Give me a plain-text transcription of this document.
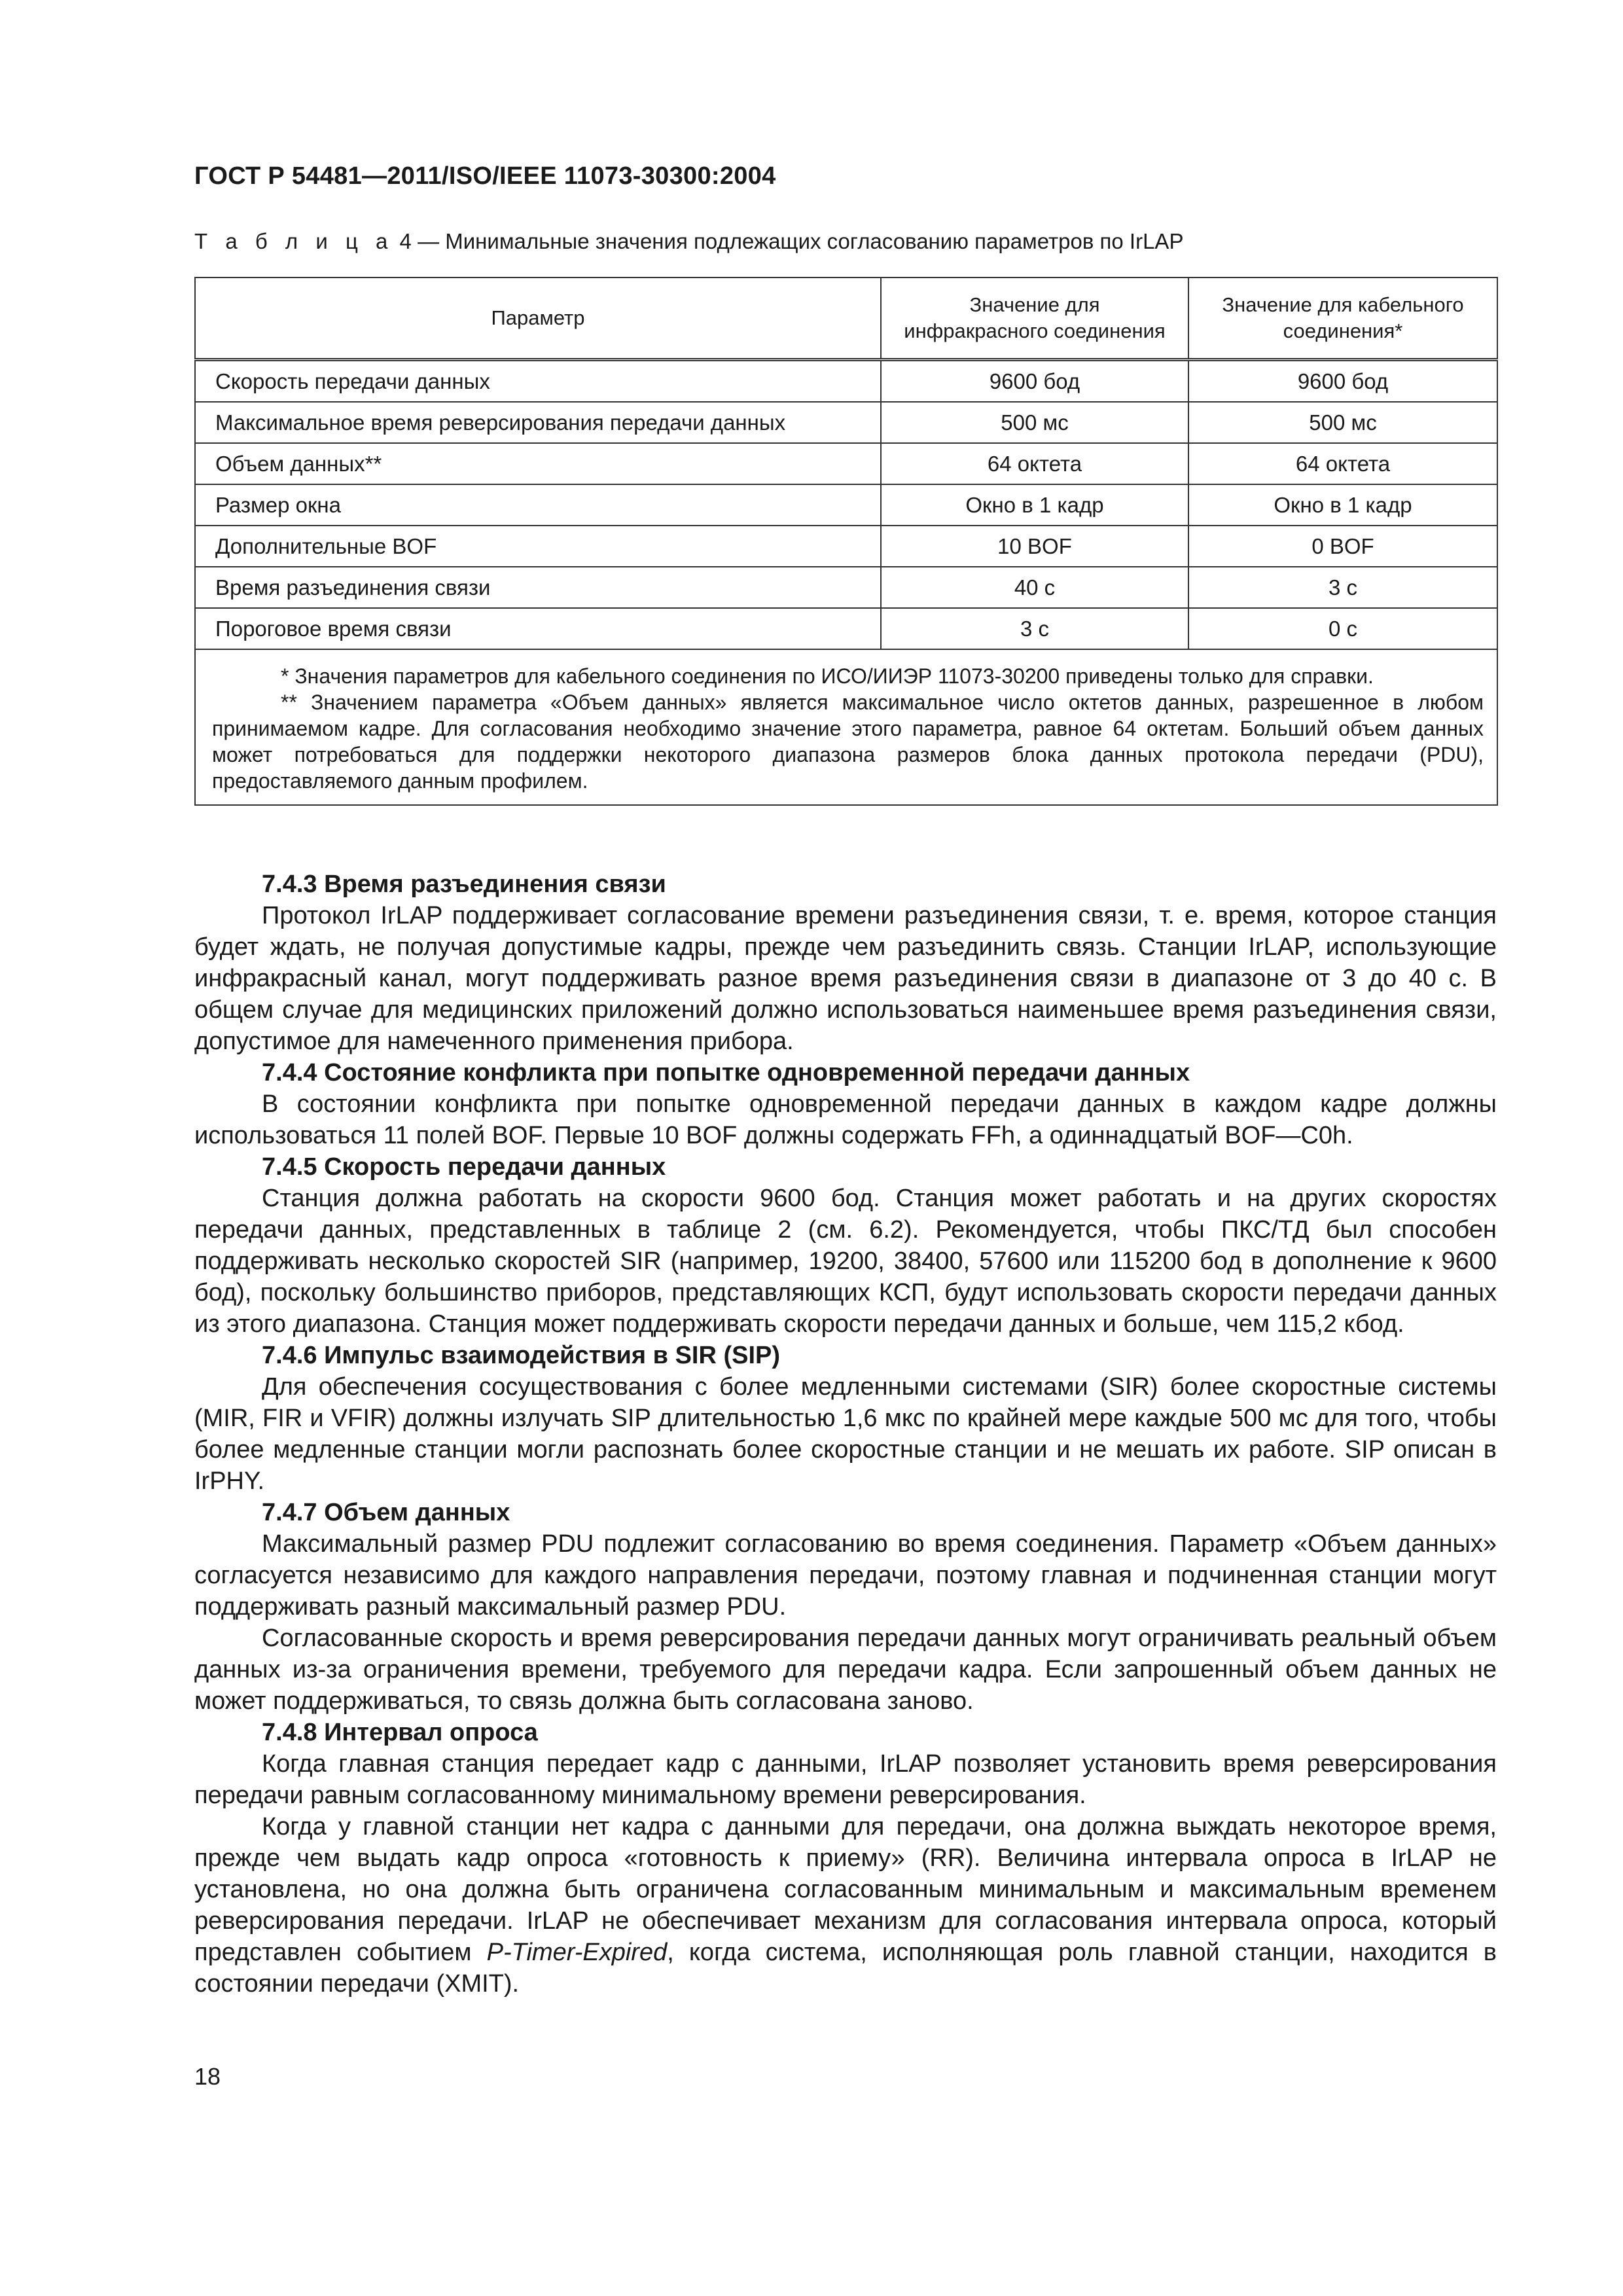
ГОСТ Р 54481—2011/ISO/IEEE 11073-30300:2004
Т а б л и ц а 4 — Минимальные значения подлежащих согласованию параметров по IrLAP
Параметр	Значение для инфракрасного соединения	Значение для кабельного соединения*
Скорость передачи данных	9600 бод	9600 бод
Максимальное время реверсирования передачи данных	500 мс	500 мс
Объем данных**	64 октета	64 октета
Размер окна	Окно в 1 кадр	Окно в 1 кадр
Дополнительные BOF	10 BOF	0 BOF
Время разъединения связи	40 с	3 с
Пороговое время связи	3 с	0 с

* Значения параметров для кабельного соединения по ИСО/ИИЭР 11073-30200 приведены только для справки.
** Значением параметра «Объем данных» является максимальное число октетов данных, разрешенное в любом принимаемом кадре. Для согласования необходимо значение этого параметра, равное 64 октетам. Больший объем данных может потребоваться для поддержки некоторого диапазона размеров блока данных протокола передачи (PDU), предоставляемого данным профилем.		
7.4.3 Время разъединения связи
Протокол IrLAP поддерживает согласование времени разъединения связи, т. е. время, которое станция будет ждать, не получая допустимые кадры, прежде чем разъединить связь. Станции IrLAP, использующие инфракрасный канал, могут поддерживать разное время разъединения связи в диапазоне от 3 до 40 с. В общем случае для медицинских приложений должно использоваться наименьшее время разъединения связи, допустимое для намеченного применения прибора.
7.4.4 Состояние конфликта при попытке одновременной передачи данных
В состоянии конфликта при попытке одновременной передачи данных в каждом кадре должны использоваться 11 полей BOF. Первые 10 BOF должны содержать FFh, а одиннадцатый BOF—C0h.
7.4.5 Скорость передачи данных
Станция должна работать на скорости 9600 бод. Станция может работать и на других скоростях передачи данных, представленных в таблице 2 (см. 6.2). Рекомендуется, чтобы ПКС/ТД был способен поддерживать несколько скоростей SIR (например, 19200, 38400, 57600 или 115200 бод в дополнение к 9600 бод), поскольку большинство приборов, представляющих КСП, будут использовать скорости передачи данных из этого диапазона. Станция может поддерживать скорости передачи данных и больше, чем 115,2 кбод.
7.4.6 Импульс взаимодействия в SIR (SIP)
Для обеспечения сосуществования с более медленными системами (SIR) более скоростные системы (MIR, FIR и VFIR) должны излучать SIP длительностью 1,6 мкс по крайней мере каждые 500 мс для того, чтобы более медленные станции могли распознать более скоростные станции и не мешать их работе. SIP описан в IrPHY.
7.4.7 Объем данных
Максимальный размер PDU подлежит согласованию во время соединения. Параметр «Объем данных» согласуется независимо для каждого направления передачи, поэтому главная и подчиненная станции могут поддерживать разный максимальный размер PDU.
Согласованные скорость и время реверсирования передачи данных могут ограничивать реальный объем данных из-за ограничения времени, требуемого для передачи кадра. Если запрошенный объем данных не может поддерживаться, то связь должна быть согласована заново.
7.4.8 Интервал опроса
Когда главная станция передает кадр с данными, IrLAP позволяет установить время реверсирования передачи равным согласованному минимальному времени реверсирования.
Когда у главной станции нет кадра с данными для передачи, она должна выждать некоторое время, прежде чем выдать кадр опроса «готовность к приему» (RR). Величина интервала опроса в IrLAP не установлена, но она должна быть ограничена согласованным минимальным и максимальным временем реверсирования передачи. IrLAP не обеспечивает механизм для согласования интервала опроса, который представлен событием P-Timer-Expired, когда система, исполняющая роль главной станции, находится в состоянии передачи (XMIT).
18
